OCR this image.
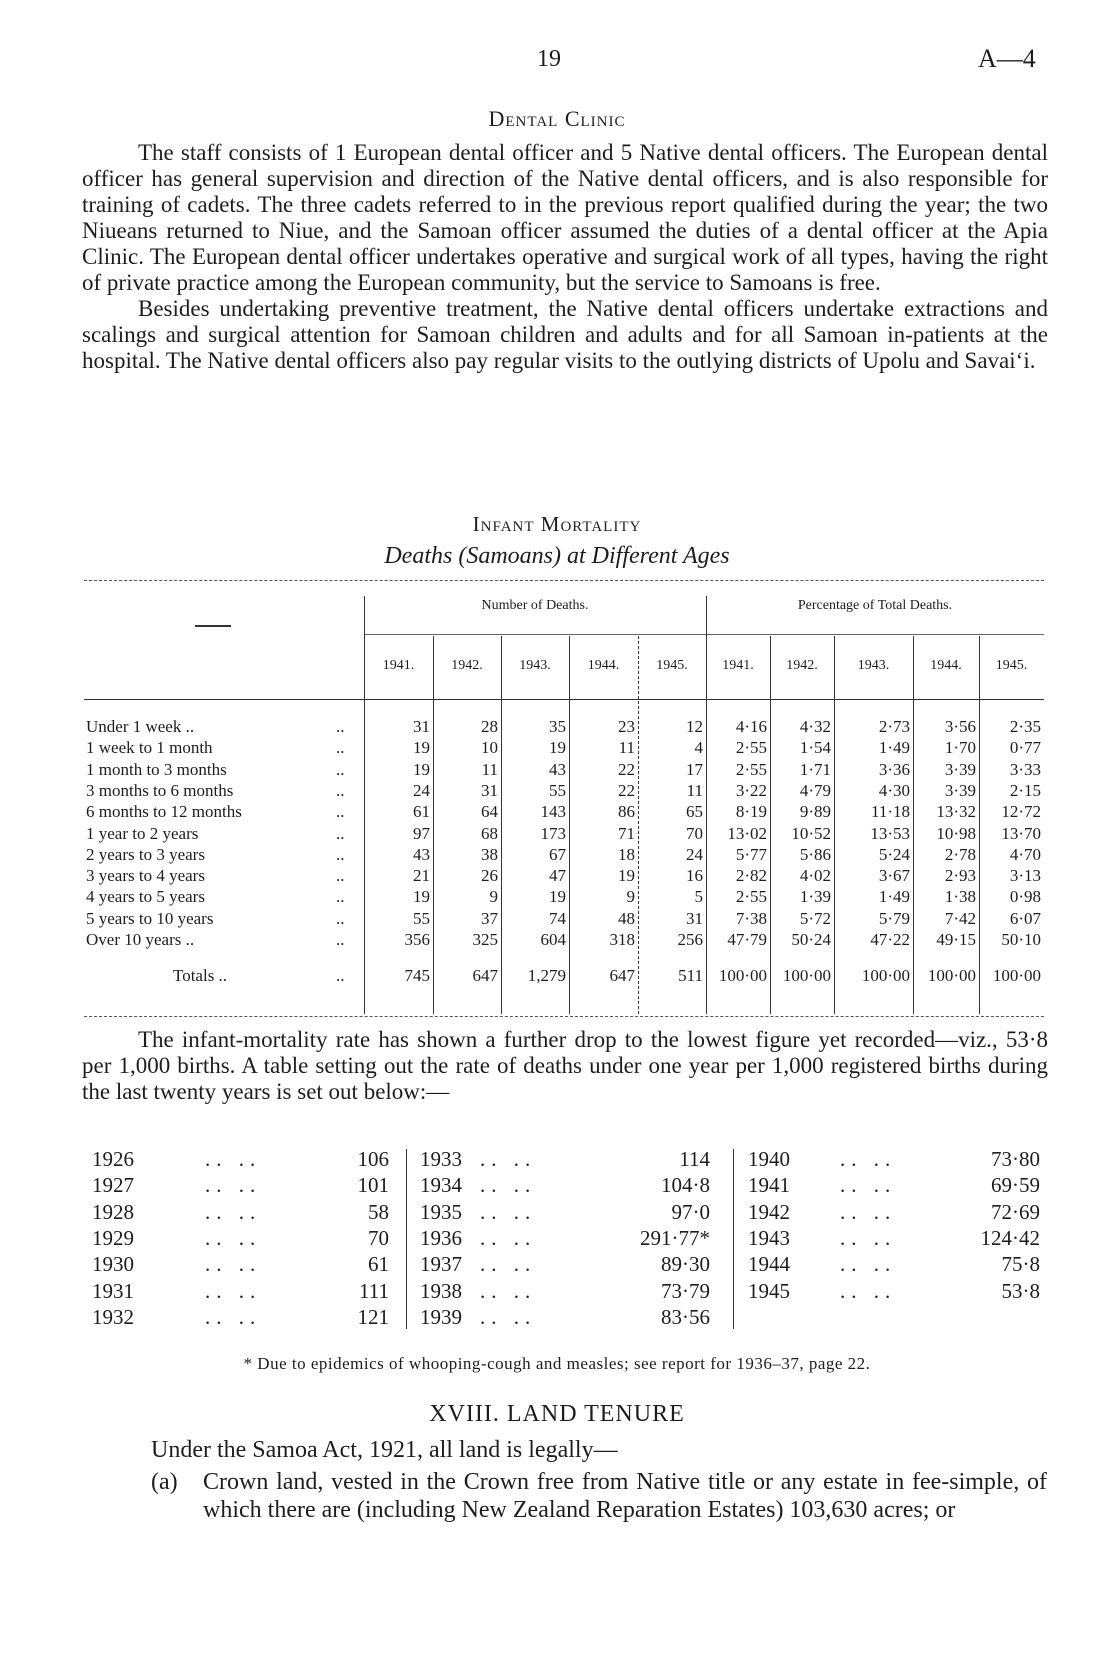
19	A—4
Dental Clinic

The staff consists of 1 European dental officer and 5 Native dental officers. The European dental officer has general supervision and direction of the Native dental officers, and is also responsible for training of cadets. The three cadets referred to in the previous report qualified during the year; the two Niueans returned to Niue, and the Samoan officer assumed the duties of a dental officer at the Apia Clinic. The European dental officer undertakes operative and surgical work of all types, having the right of private practice among the European community, but the service to Samoans is free.

Besides undertaking preventive treatment, the Native dental officers undertake extractions and scalings and surgical attention for Samoan children and adults and for all Samoan in-patients at the hospital. The Native dental officers also pay regular visits to the outlying districts of Upolu and Savai‘i.

Infant Mortality
Deaths (Samoans) at Different Ages
Number of Deaths.	Percentage of Total Deaths.
1941.	1942.	1943.	1944.	1945.	1941.	1942.	1943.	1944.	1945.
Under 1 week ..	..	31	28	35	23	12	4·16	4·32	2·73	3·56	2·35
1 week to 1 month	..	19	10	19	11	4	2·55	1·54	1·49	1·70	0·77
1 month to 3 months	..	19	11	43	22	17	2·55	1·71	3·36	3·39	3·33
3 months to 6 months	..	24	31	55	22	11	3·22	4·79	4·30	3·39	2·15
6 months to 12 months	..	61	64	143	86	65	8·19	9·89	11·18	13·32	12·72
1 year to 2 years	..	97	68	173	71	70	13·02	10·52	13·53	10·98	13·70
2 years to 3 years	..	43	38	67	18	24	5·77	5·86	5·24	2·78	4·70
3 years to 4 years	..	21	26	47	19	16	2·82	4·02	3·67	2·93	3·13
4 years to 5 years	..	19	9	19	9	5	2·55	1·39	1·49	1·38	0·98
5 years to 10 years	..	55	37	74	48	31	7·38	5·72	5·79	7·42	6·07
Over 10 years ..	..	356	325	604	318	256	47·79	50·24	47·22	49·15	50·10
Totals ..	..	745	647	1,279	647	511 100·00 100·00	100·00	100·00 100·00

The infant-mortality rate has shown a further drop to the lowest figure yet recorded—viz., 53·8 per 1,000 births. A table setting out the rate of deaths under one year per 1,000 registered births during the last twenty years is set out below:—

1926	.. ..	106
1927	.. ..	101
1928	.. ..	58
1929	.. ..	70
1930	.. ..	61
1931	.. ..	111
1932	.. ..	121
1933 .. ..	114
1934 .. ..	104·8
1935 .. ..	97·0
1936 .. ..	291·77*
1937 .. ..	89·30
1938 .. ..	73·79
1939 .. ..	83·56
1940 .. ..	73·80
1941 .. ..	69·59
1942 .. ..	72·69
1943 .. ..	124·42
1944 .. ..	75·8
1945 .. ..	53·8
* Due to epidemics of whooping-cough and measles; see report for 1936–37, page 22.
XVIII. LAND TENURE
Under the Samoa Act, 1921, all land is legally—
(a) Crown land, vested in the Crown free from Native title or any estate in fee-simple, of which there are (including New Zealand Reparation Estates) 103,630 acres; or
